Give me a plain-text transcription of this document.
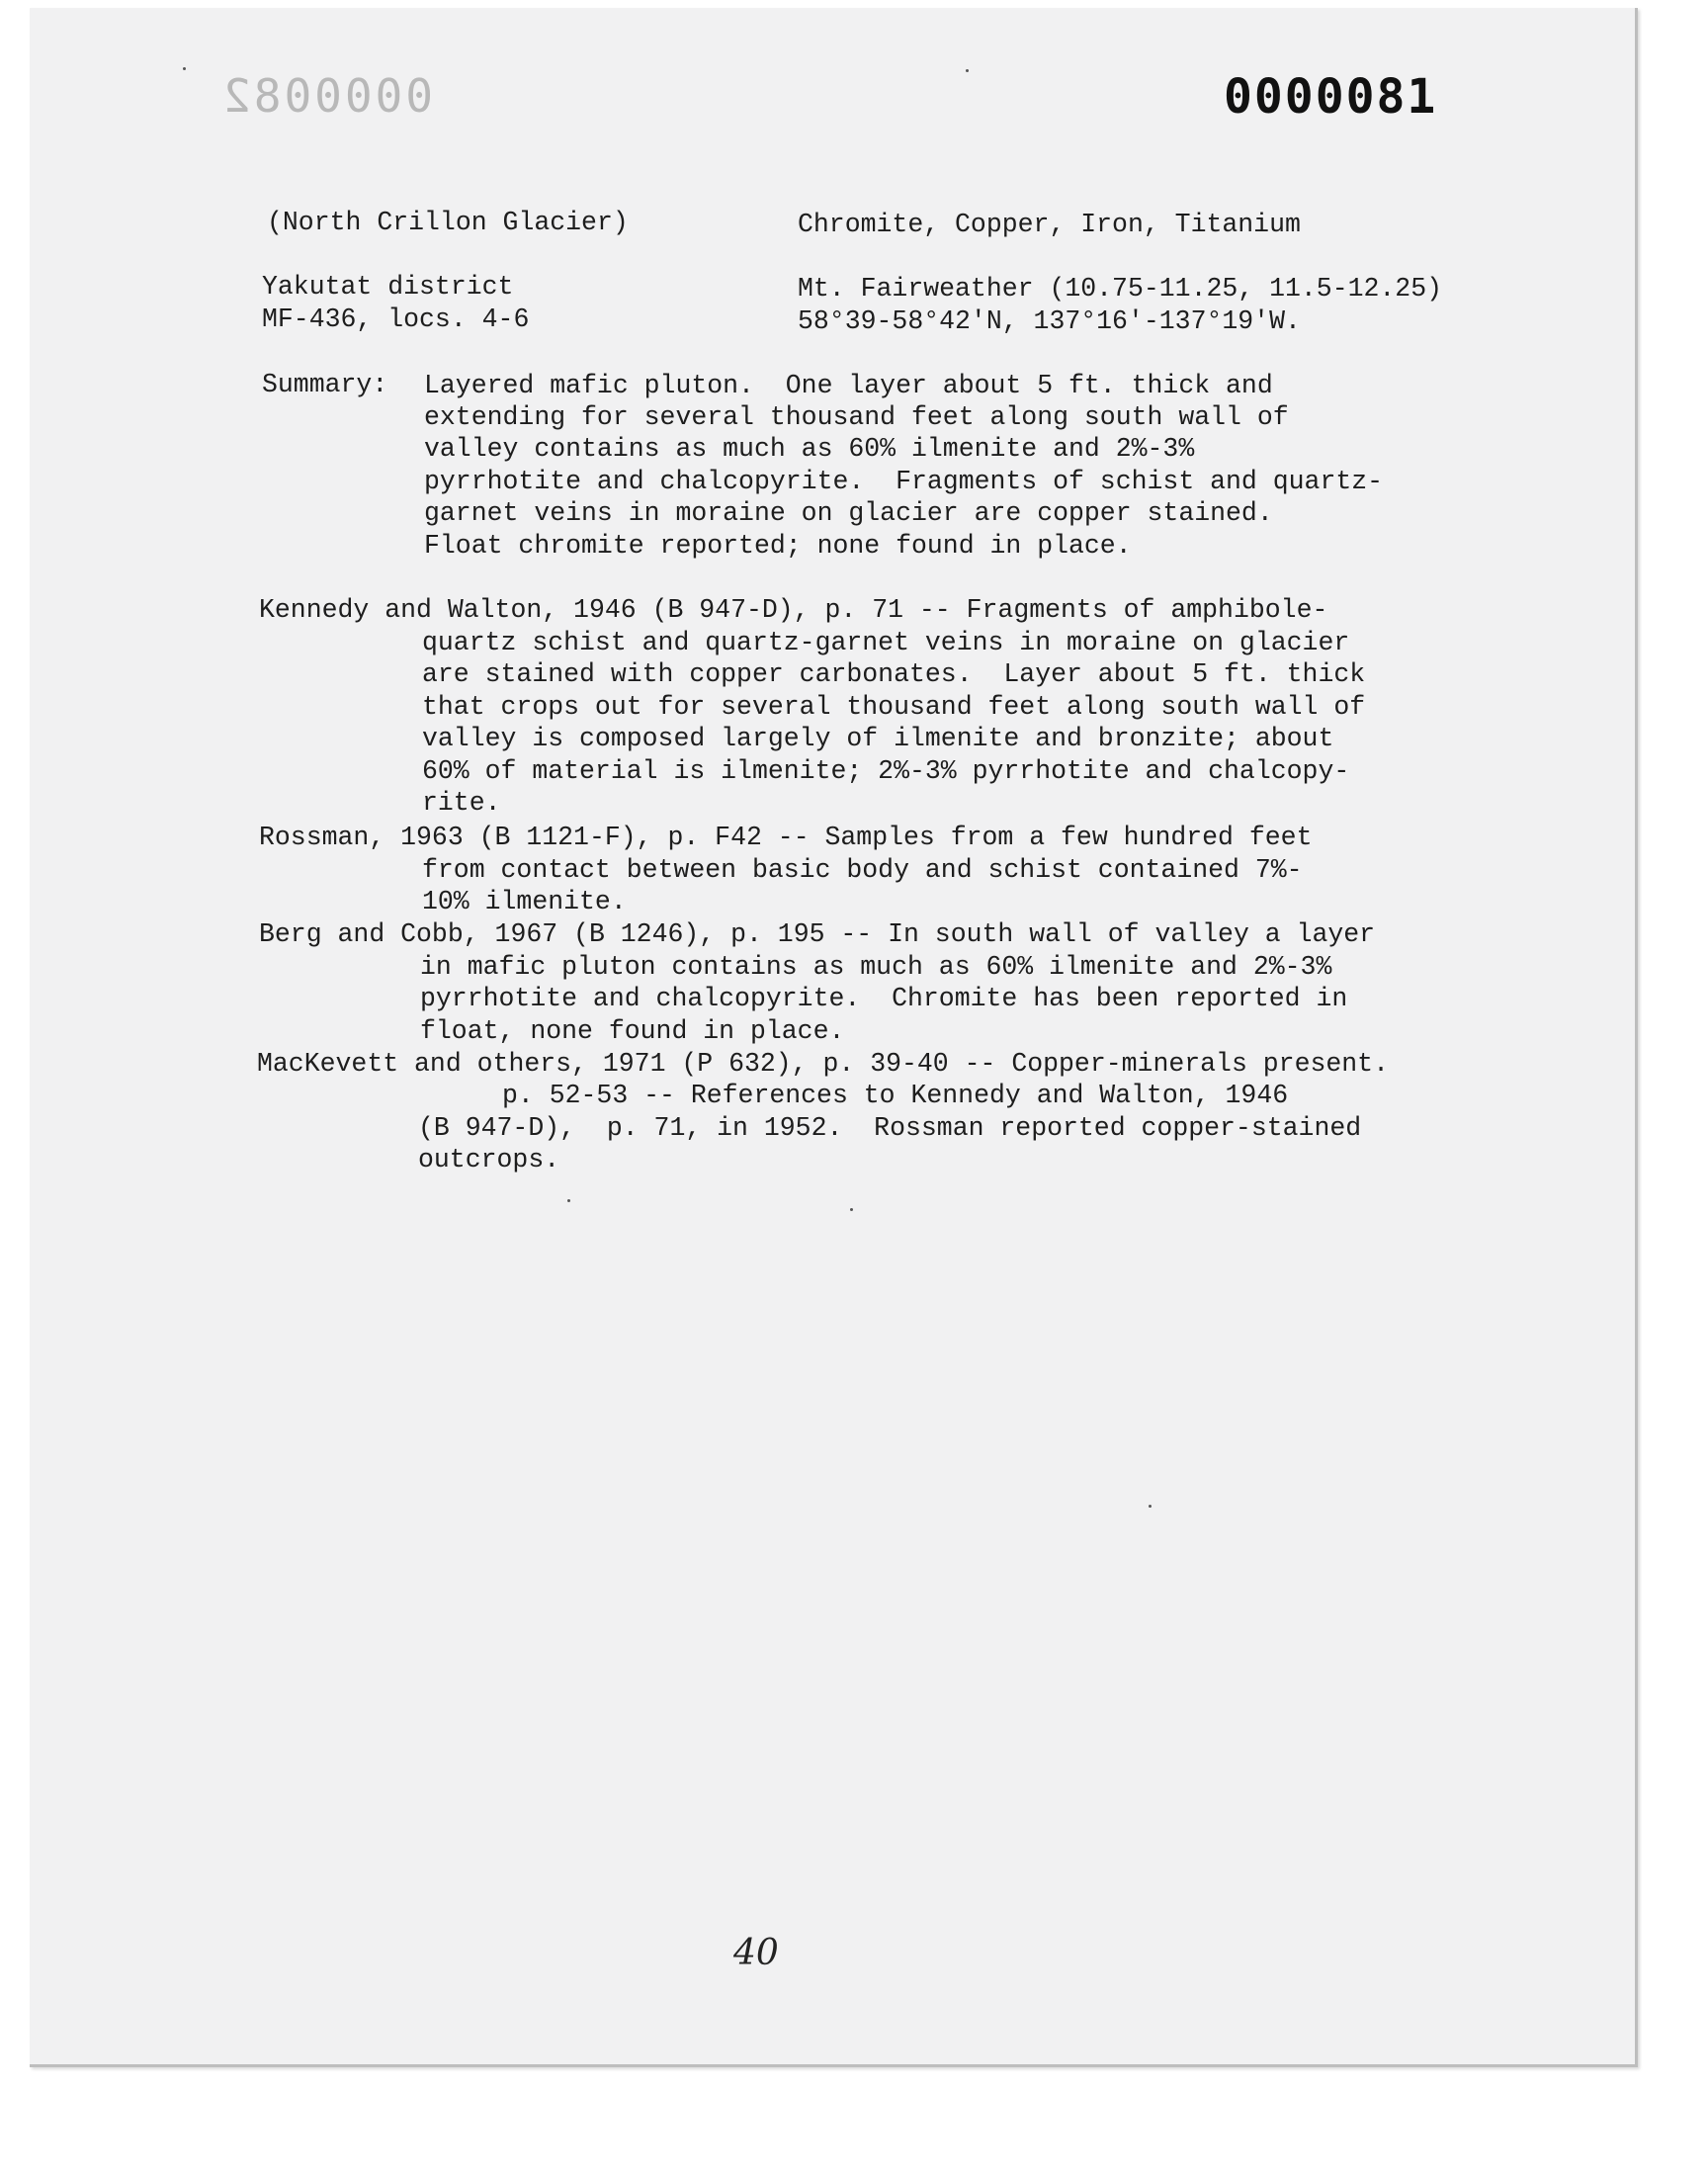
0000082	0000081
(North Crillon Glacier)	Chromite, Copper, Iron, Titanium
Yakutat district	Mt. Fairweather (10.75-11.25, 11.5-12.25)
MF-436, locs. 4-6	58°39-58°42'N, 137°16'-137°19'W.
Summary: Layered mafic pluton.  One layer about 5 ft. thick and
extending for several thousand feet along south wall of
valley contains as much as 60% ilmenite and 2%-3%
pyrrhotite and chalcopyrite.  Fragments of schist and quartz-
garnet veins in moraine on glacier are copper stained.
Float chromite reported; none found in place.
Kennedy and Walton, 1946 (B 947-D), p. 71 -- Fragments of amphibole-
quartz schist and quartz-garnet veins in moraine on glacier
are stained with copper carbonates.  Layer about 5 ft. thick
that crops out for several thousand feet along south wall of
valley is composed largely of ilmenite and bronzite; about
60% of material is ilmenite; 2%-3% pyrrhotite and chalcopy-
rite.
Rossman, 1963 (B 1121-F), p. F42 -- Samples from a few hundred feet
from contact between basic body and schist contained 7%-
10% ilmenite.
Berg and Cobb, 1967 (B 1246), p. 195 -- In south wall of valley a layer
in mafic pluton contains as much as 60% ilmenite and 2%-3%
pyrrhotite and chalcopyrite.  Chromite has been reported in
float, none found in place.
MacKevett and others, 1971 (P 632), p. 39-40 -- Copper-minerals present.
p. 52-53 -- References to Kennedy and Walton, 1946
(B 947-D),  p. 71, in 1952.  Rossman reported copper-stained
outcrops.
40
